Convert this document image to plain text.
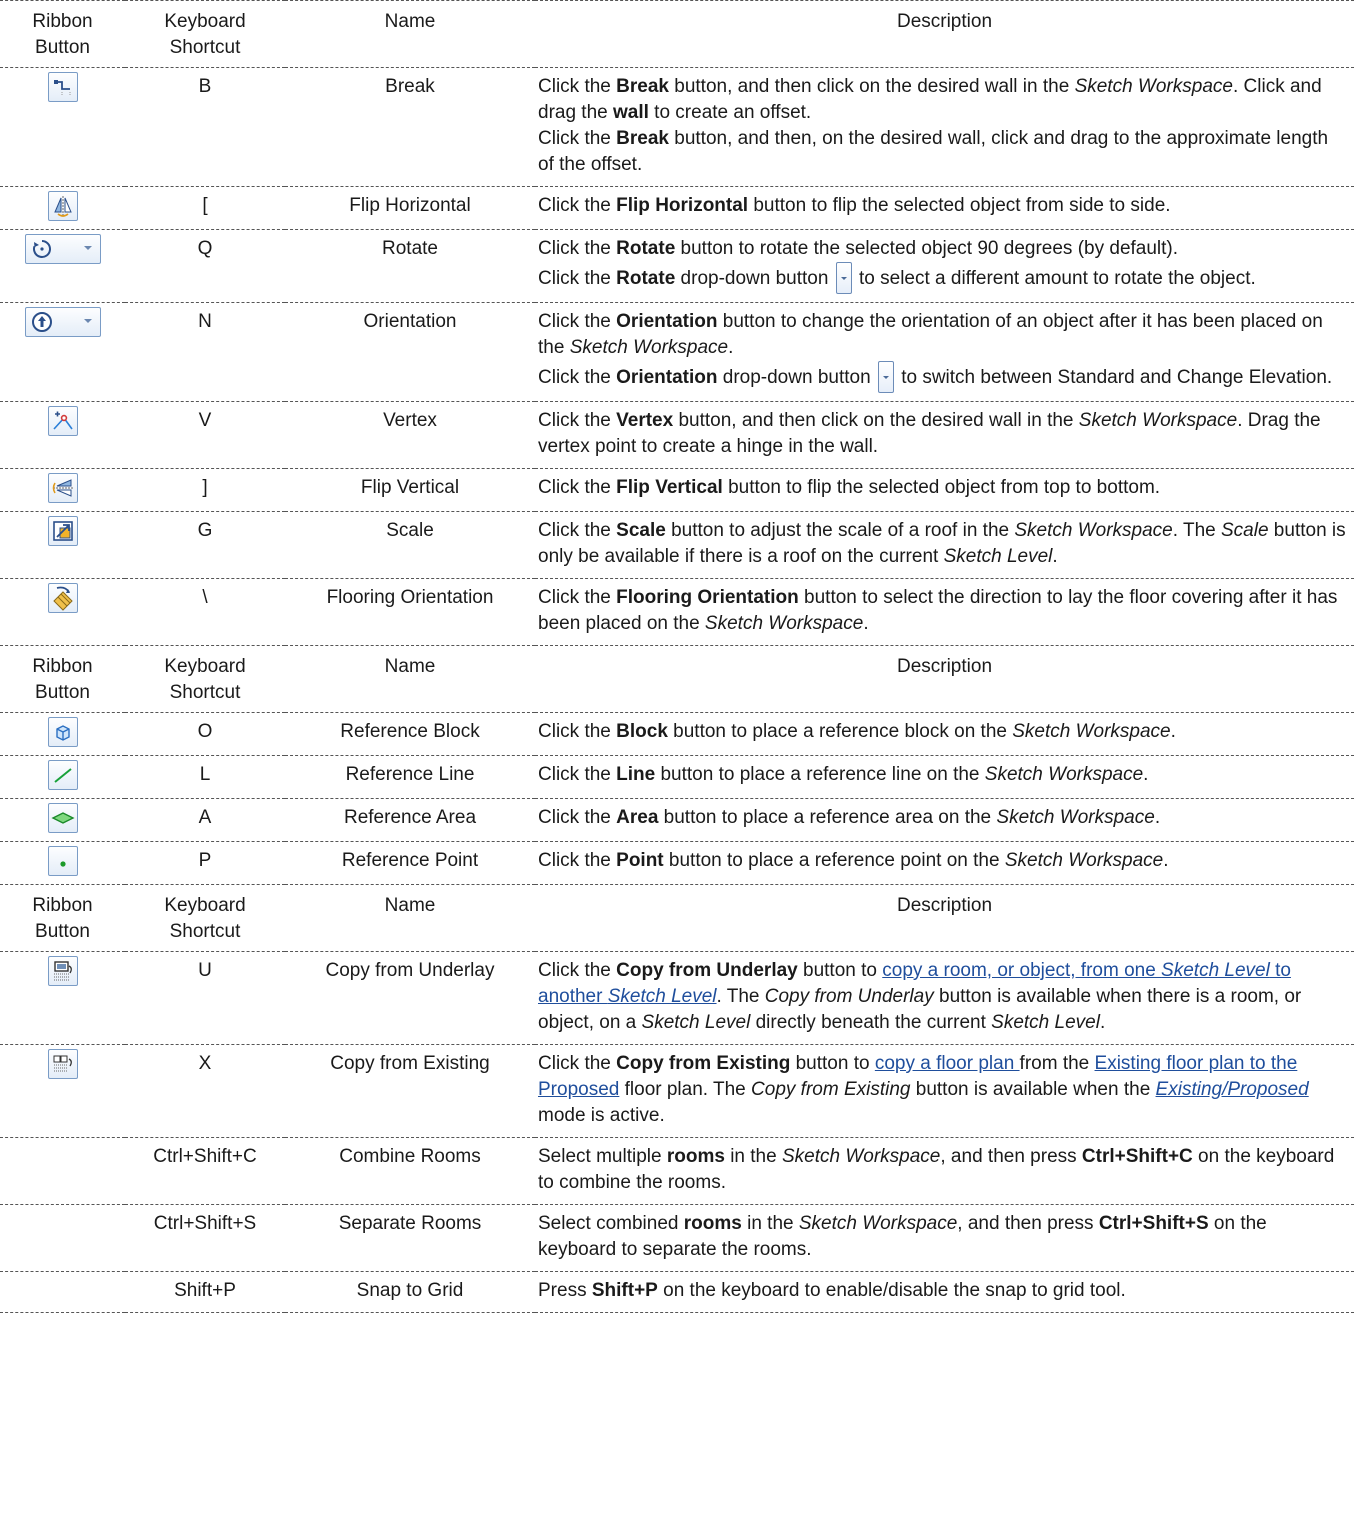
Ribbon Button	Keyboard Shortcut	Name	Description

	B	Break	Click the Break button, and then click on the desired wall in the Sketch Workspace. Click and drag the wall to create an offset.
Click the Break button, and then, on the desired wall, click and drag to the approximate length of the offset.

	[	Flip Horizontal	Click the Flip Horizontal button to flip the selected object from side to side.

	Q	Rotate	Click the Rotate button to rotate the selected object 90 degrees (by default).
Click the Rotate drop-down button  to select a different amount to rotate the object.

	N	Orientation	Click the Orientation button to change the orientation of an object after it has been placed on the Sketch Workspace.
Click the Orientation drop-down button  to switch between Standard and Change Elevation.

	V	Vertex	Click the Vertex button, and then click on the desired wall in the Sketch Workspace. Drag the vertex point to create a hinge in the wall.

	]	Flip Vertical	Click the Flip Vertical button to flip the selected object from top to bottom.

	G	Scale	Click the Scale button to adjust the scale of a roof in the Sketch Workspace. The Scale button is only be available if there is a roof on the current Sketch Level.

	\	Flooring Orientation	Click the Flooring Orientation button to select the direction to lay the floor covering after it has been placed on the Sketch Workspace.
Ribbon Button	Keyboard Shortcut	Name	Description

	O	Reference Block	Click the Block button to place a reference block on the Sketch Workspace.

	L	Reference Line	Click the Line button to place a reference line on the Sketch Workspace.

	A	Reference Area	Click the Area button to place a reference area on the Sketch Workspace.

	P	Reference Point	Click the Point button to place a reference point on the Sketch Workspace.
Ribbon Button	Keyboard Shortcut	Name	Description

	U	Copy from Underlay	Click the Copy from Underlay button to copy a room, or object, from one Sketch Level to another Sketch Level. The Copy from Underlay button is available when there is a room, or object, on a Sketch Level directly beneath the current Sketch Level.

	X	Copy from Existing	Click the Copy from Existing button to copy a floor plan from the Existing floor plan to the Proposed floor plan. The Copy from Existing button is available when the Existing/Proposed mode is active.
	Ctrl+Shift+C	Combine Rooms	Select multiple rooms in the Sketch Workspace, and then press Ctrl+Shift+C on the keyboard to combine the rooms.
	Ctrl+Shift+S	Separate Rooms	Select combined rooms in the Sketch Workspace, and then press Ctrl+Shift+S on the keyboard to separate the rooms.
	Shift+P	Snap to Grid	Press Shift+P on the keyboard to enable/disable the snap to grid tool.
